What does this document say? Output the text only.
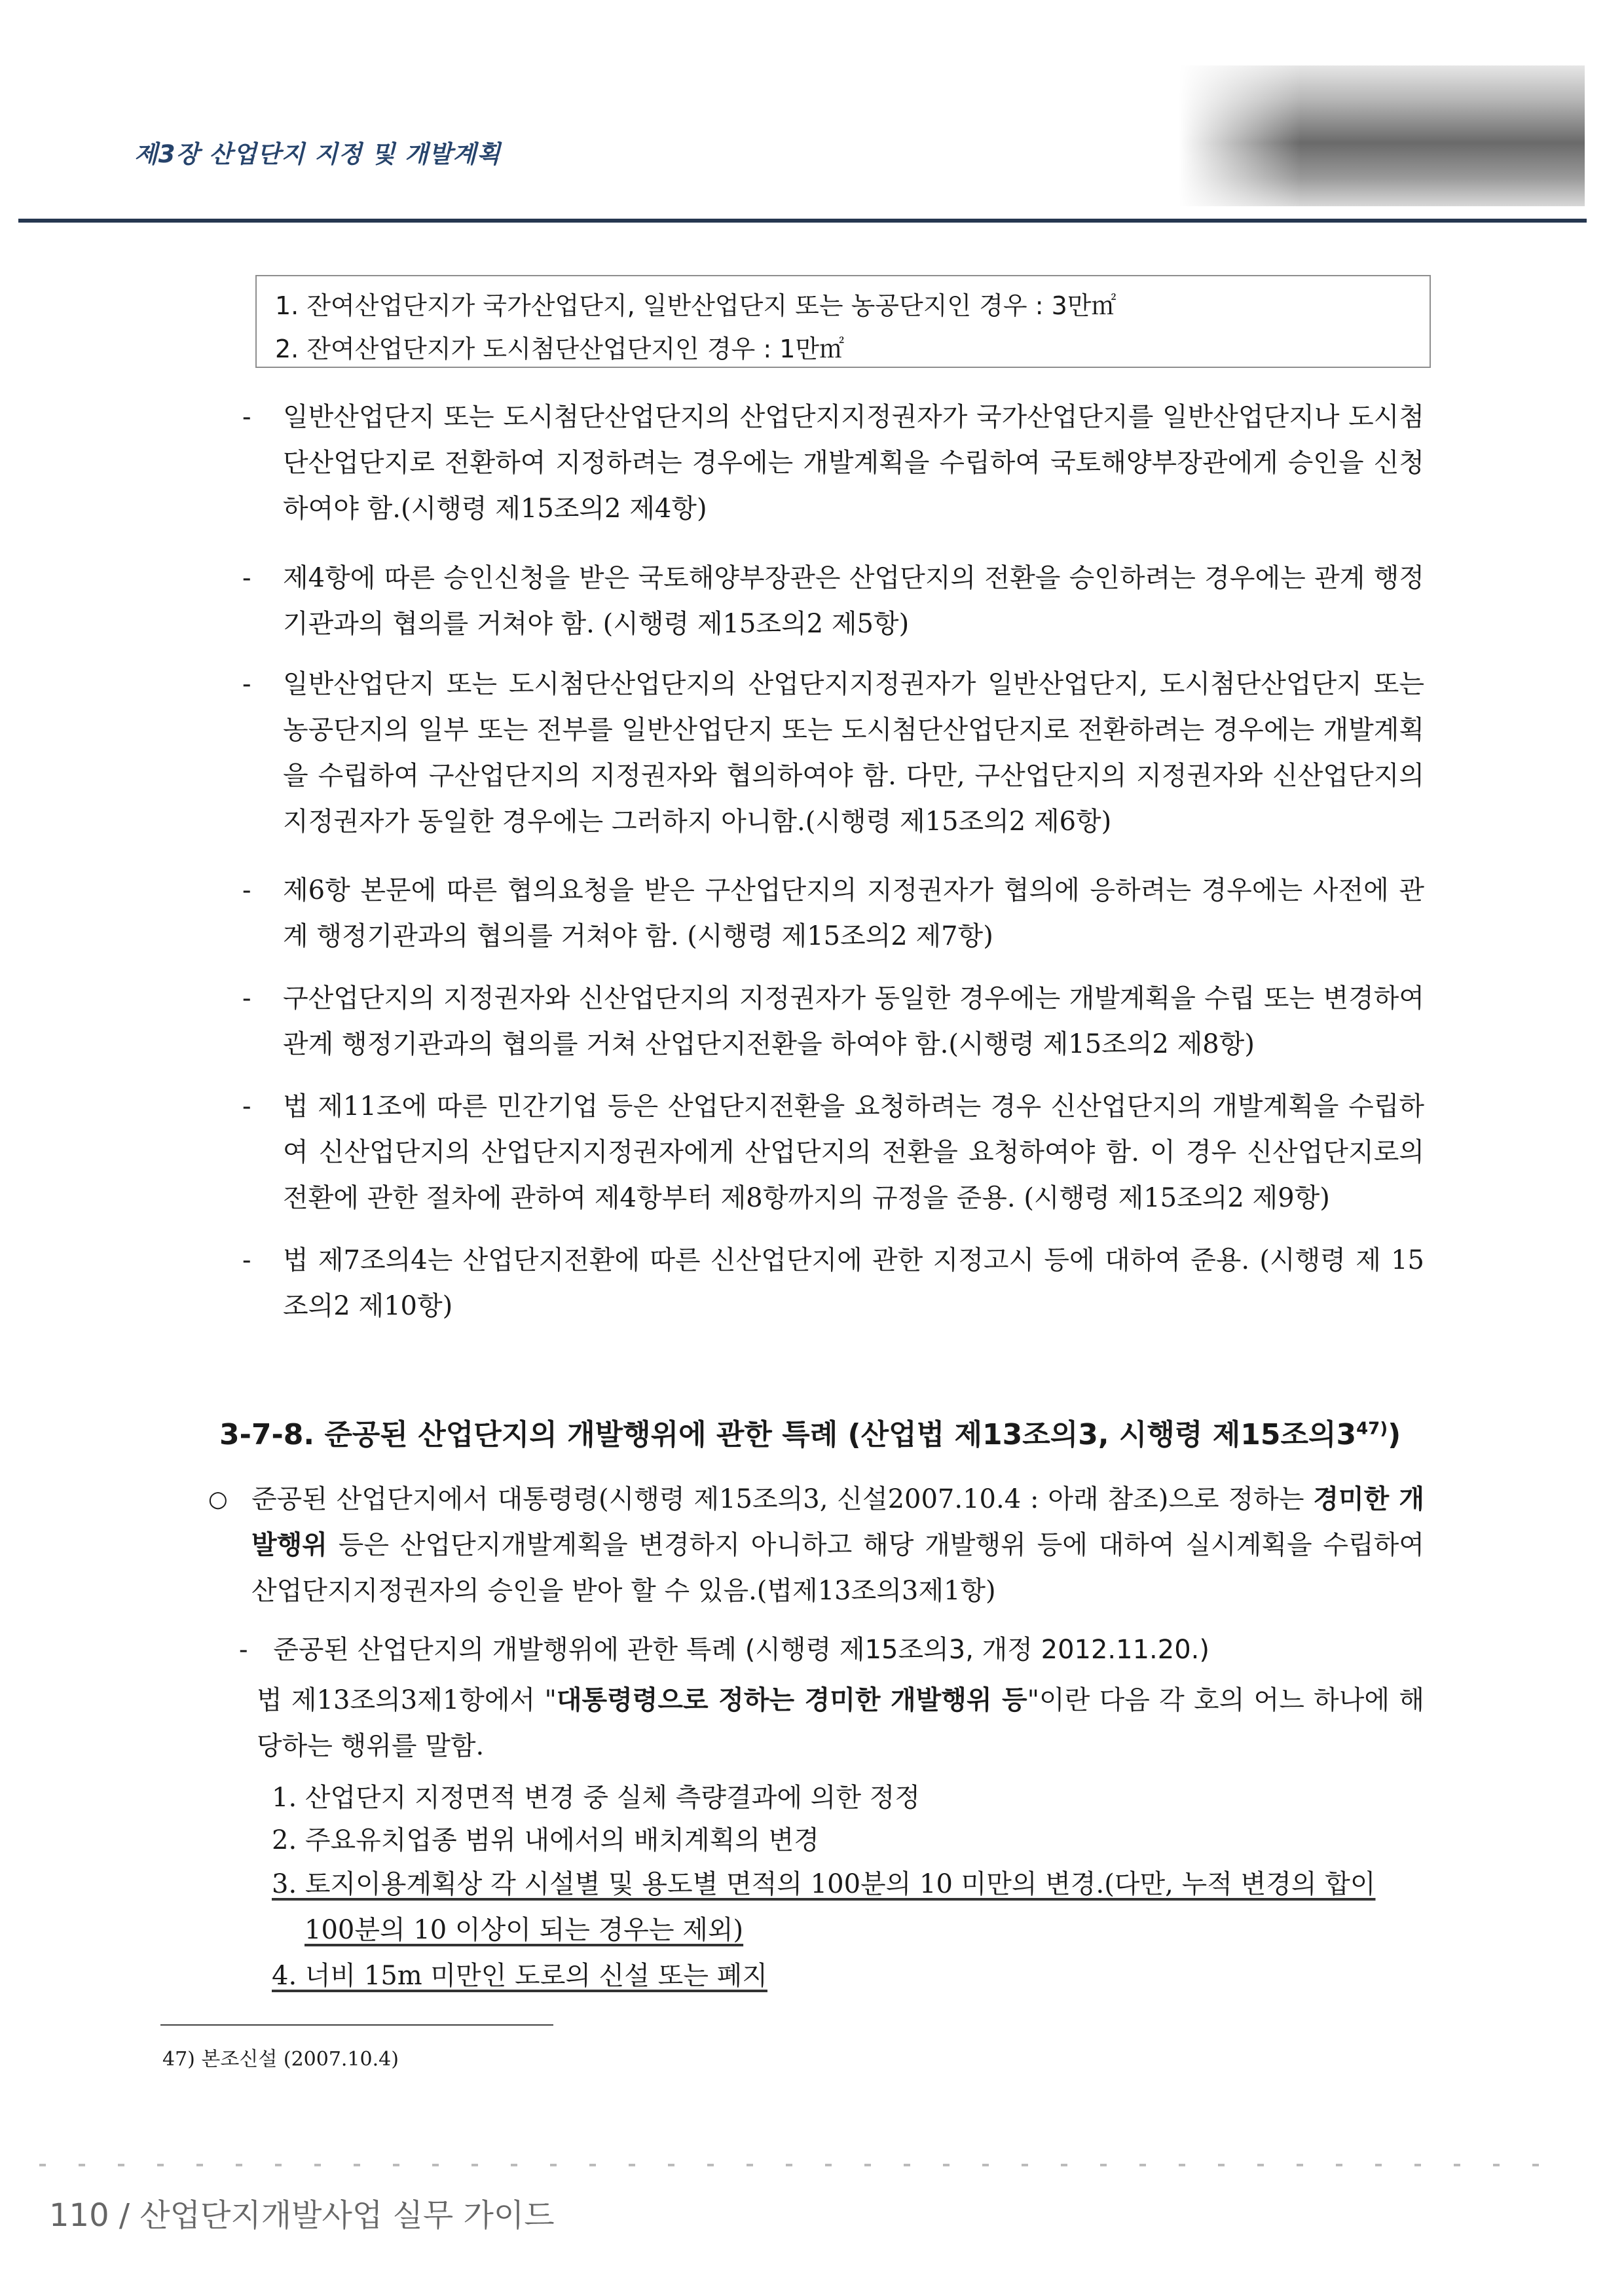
제3장 산업단지 지정 및 개발계획
1. 잔여산업단지가 국가산업단지, 일반산업단지 또는 농공단지인 경우 : 3만㎡
2. 잔여산업단지가 도시첨단산업단지인 경우 : 1만㎡
- 일반산업단지 또는 도시첨단산업단지의 산업단지지정권자가 국가산업단지를 일반산업단지나 도시첨단산업단지로 전환하여 지정하려는 경우에는 개발계획을 수립하여 국토해양부장관에게 승인을 신청하여야 함.(시행령 제15조의2 제4항)
- 제4항에 따른 승인신청을 받은 국토해양부장관은 산업단지의 전환을 승인하려는 경우에는 관계 행정기관과의 협의를 거쳐야 함. (시행령 제15조의2 제5항)
- 일반산업단지 또는 도시첨단산업단지의 산업단지지정권자가 일반산업단지, 도시첨단산업단지 또는 농공단지의 일부 또는 전부를 일반산업단지 또는 도시첨단산업단지로 전환하려는 경우에는 개발계획을 수립하여 구산업단지의 지정권자와 협의하여야 함. 다만, 구산업단지의 지정권자와 신산업단지의 지정권자가 동일한 경우에는 그러하지 아니함.(시행령 제15조의2 제6항)
- 제6항 본문에 따른 협의요청을 받은 구산업단지의 지정권자가 협의에 응하려는 경우에는 사전에 관계 행정기관과의 협의를 거쳐야 함. (시행령 제15조의2 제7항)
- 구산업단지의 지정권자와 신산업단지의 지정권자가 동일한 경우에는 개발계획을 수립 또는 변경하여 관계 행정기관과의 협의를 거쳐 산업단지전환을 하여야 함.(시행령 제15조의2 제8항)
- 법 제11조에 따른 민간기업 등은 산업단지전환을 요청하려는 경우 신산업단지의 개발계획을 수립하여 신산업단지의 산업단지지정권자에게 산업단지의 전환을 요청하여야 함. 이 경우 신산업단지로의 전환에 관한 절차에 관하여 제4항부터 제8항까지의 규정을 준용. (시행령 제15조의2 제9항)
- 법 제7조의4는 산업단지전환에 따른 신산업단지에 관한 지정고시 등에 대하여 준용. (시행령 제 15조의2 제10항)
3-7-8. 준공된 산업단지의 개발행위에 관한 특례 (산업법 제13조의3, 시행령 제15조의3$^{47)}$)
○ 준공된 산업단지에서 대통령령(시행령 제15조의3, 신설2007.10.4 : 아래 참조)으로 정하는 경미한 개발행위 등은 산업단지개발계획을 변경하지 아니하고 해당 개발행위 등에 대하여 실시계획을 수립하여 산업단지지정권자의 승인을 받아 할 수 있음.(법제13조의3제1항)
- 준공된 산업단지의 개발행위에 관한 특례 (시행령 제15조의3, 개정 2012.11.20.)
법 제13조의3제1항에서 "대통령령으로 정하는 경미한 개발행위 등"이란 다음 각 호의 어느 하나에 해당하는 행위를 말함.
1. 산업단지 지정면적 변경 중 실체 측량결과에 의한 정정
2. 주요유치업종 범위 내에서의 배치계획의 변경
3. 토지이용계획상 각 시설별 및 용도별 면적의 100분의 10 미만의 변경.(다만, 누적 변경의 합이
100분의 10 이상이 되는 경우는 제외)
4. 너비 15m 미만인 도로의 신설 또는 폐지
47) 본조신설 (2007.10.4)
110 / 산업단지개발사업 실무 가이드
